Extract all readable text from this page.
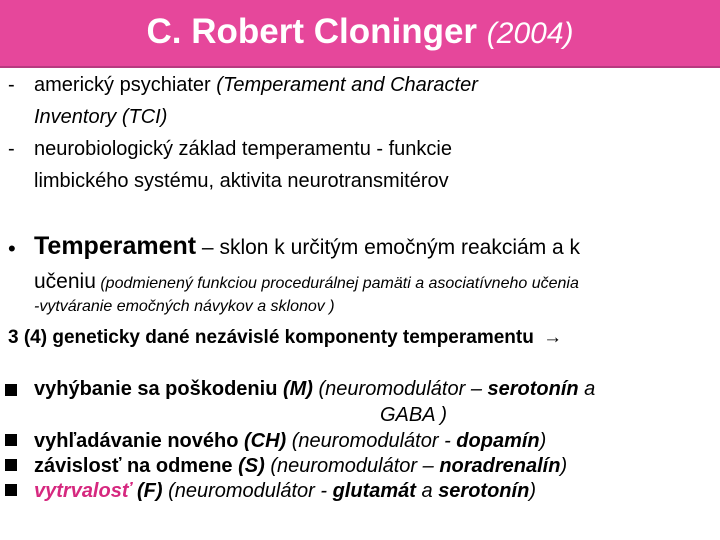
C. Robert Cloninger (2004)
- americký psychiater (Temperament and Character
Inventory (TCI)
- neurobiologický základ temperamentu - funkcie
limbického systému, aktivita neurotransmitérov
• Temperament – sklon k určitým emočným reakciám a k
učeniu (podmienený funkciou procedurálnej pamäti a asociatívneho učenia
-vytváranie emočných návykov a sklonov )
3 (4) geneticky dané nezávislé komponenty temperamentu →
vyhýbanie sa poškodeniu (M) (neuromodulátor – serotonín a
GABA )
vyhľadávanie nového (CH) (neuromodulátor - dopamín)
závislosť na odmene (S) (neuromodulátor – noradrenalín)
vytrvalosť (F) (neuromodulátor - glutamát a serotonín)
